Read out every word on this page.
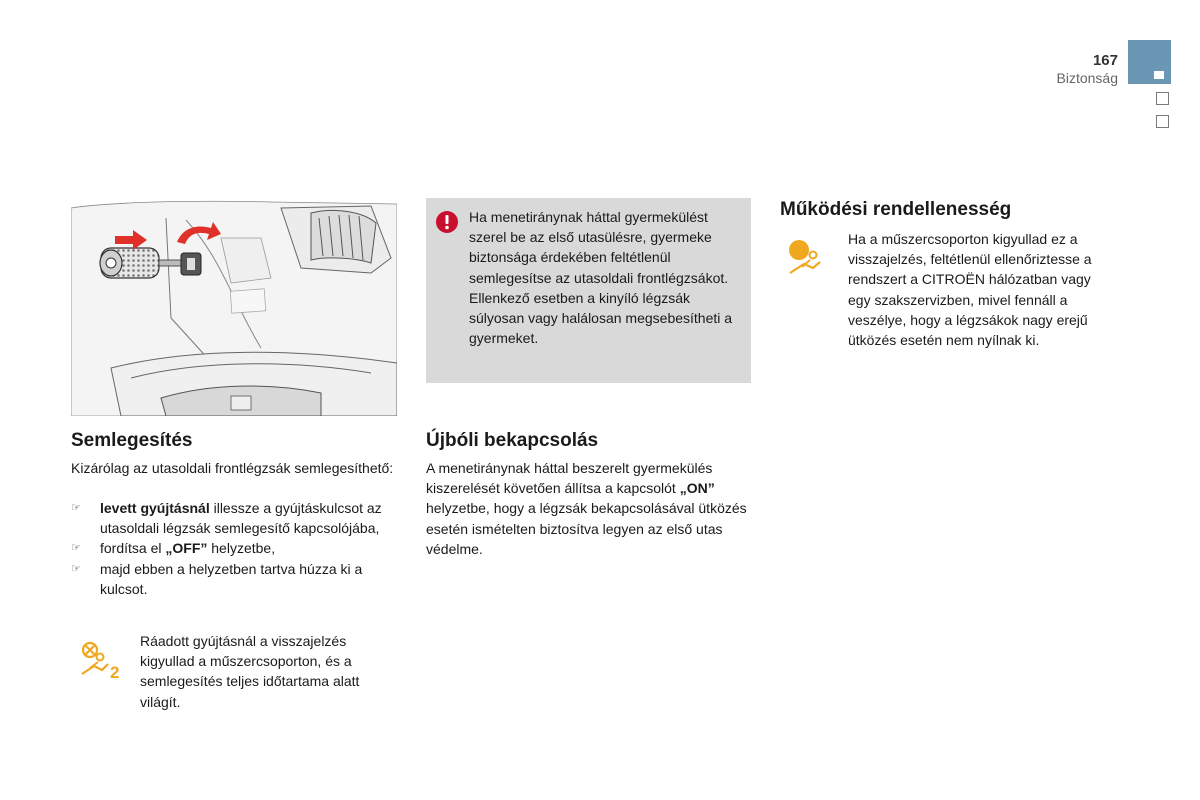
167
Biztonság
Ha menetiránynak háttal gyermekülést szerel be az első utasülésre, gyermeke biztonsága érdekében feltétlenül semlegesítse az utasoldali frontlégzsákot. Ellenkező esetben a kinyíló légzsák súlyosan vagy halálosan megsebesítheti a gyermeket.
Semlegesítés
Kizárólag az utasoldali frontlégzsák semlegesíthető:
☞ levett gyújtásnál illessze a gyújtáskulcsot az utasoldali légzsák semlegesítő kapcsolójába,
☞ fordítsa el „OFF” helyzetbe,
☞ majd ebben a helyzetben tartva húzza ki a kulcsot.
2
Ráadott gyújtásnál a visszajelzés kigyullad a műszercsoporton, és a semlegesítés teljes időtartama alatt világít.
Újbóli bekapcsolás
A menetiránynak háttal beszerelt gyermekülés kiszerelését követően állítsa a kapcsolót „ON” helyzetbe, hogy a légzsák bekapcsolásával ütközés esetén ismételten biztosítva legyen az első utas védelme.
Működési rendellenesség
Ha a műszercsoporton kigyullad ez a visszajelzés, feltétlenül ellenőriztesse a rendszert a CITROËN hálózatban vagy egy szakszervizben, mivel fennáll a veszélye, hogy a légzsákok nagy erejű ütközés esetén nem nyílnak ki.
